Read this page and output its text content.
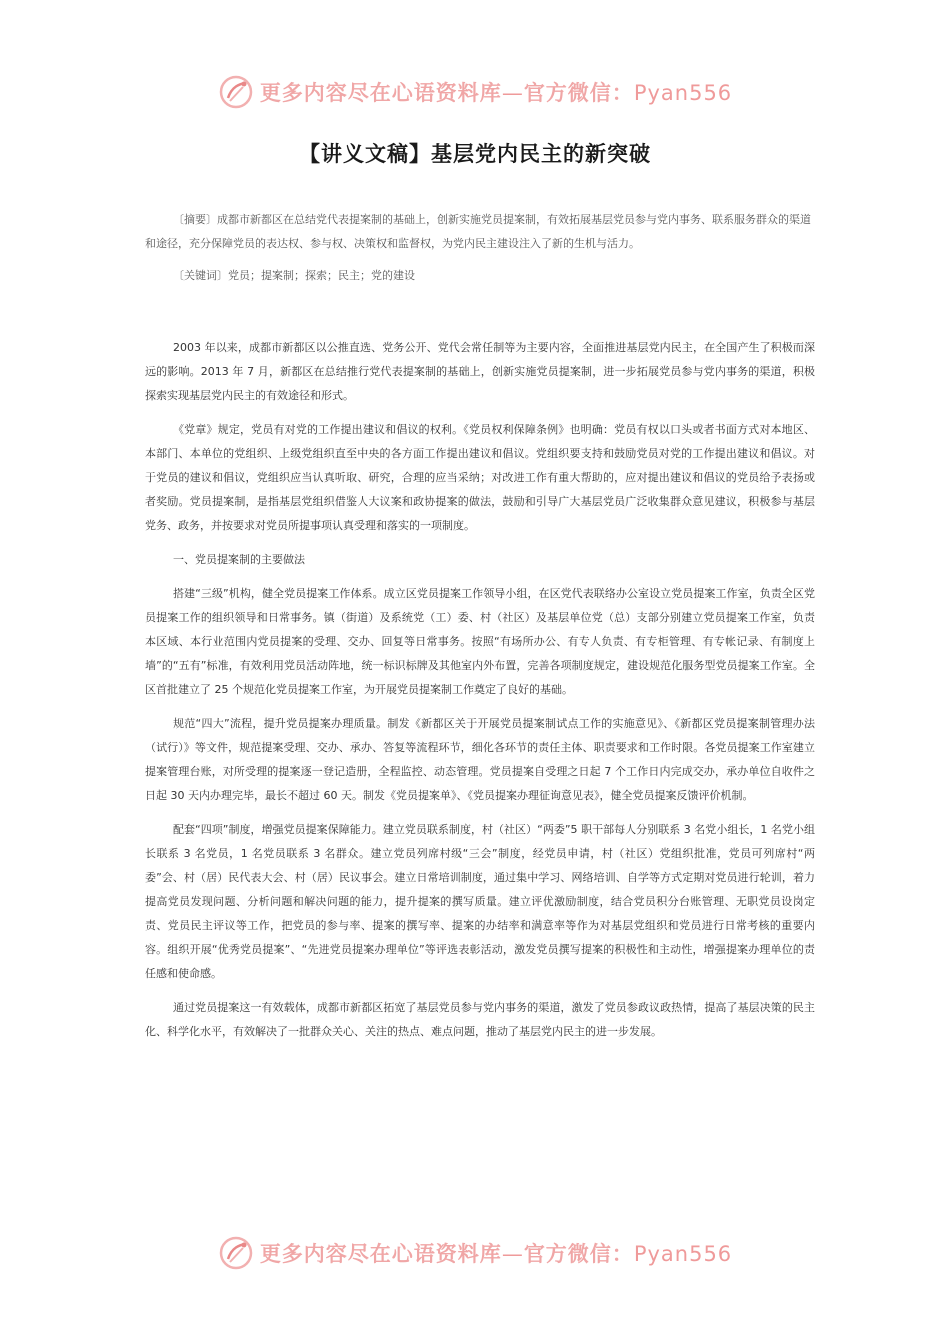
更多内容尽在心语资料库—官方微信：Pyan556
【讲义文稿】基层党内民主的新突破

〔摘要〕成都市新都区在总结党代表提案制的基础上，创新实施党员提案制，有效拓展基层党员参与党内事务、联系服务群众的渠道和途径，充分保障党员的表达权、参与权、决策权和监督权，为党内民主建设注入了新的生机与活力。

〔关键词〕党员；提案制；探索；民主；党的建设

2003 年以来，成都市新都区以公推直选、党务公开、党代会常任制等为主要内容，全面推进基层党内民主，在全国产生了积极而深远的影响。2013 年 7 月，新都区在总结推行党代表提案制的基础上，创新实施党员提案制，进一步拓展党员参与党内事务的渠道，积极探索实现基层党内民主的有效途径和形式。

《党章》规定，党员有对党的工作提出建议和倡议的权利。《党员权利保障条例》也明确：党员有权以口头或者书面方式对本地区、本部门、本单位的党组织、上级党组织直至中央的各方面工作提出建议和倡议。党组织要支持和鼓励党员对党的工作提出建议和倡议。对于党员的建议和倡议，党组织应当认真听取、研究，合理的应当采纳；对改进工作有重大帮助的，应对提出建议和倡议的党员给予表扬或者奖励。党员提案制，是指基层党组织借鉴人大议案和政协提案的做法，鼓励和引导广大基层党员广泛收集群众意见建议，积极参与基层党务、政务，并按要求对党员所提事项认真受理和落实的一项制度。

一、党员提案制的主要做法

搭建“三级”机构，健全党员提案工作体系。成立区党员提案工作领导小组，在区党代表联络办公室设立党员提案工作室，负责全区党员提案工作的组织领导和日常事务。镇（街道）及系统党（工）委、村（社区）及基层单位党（总）支部分别建立党员提案工作室，负责本区域、本行业范围内党员提案的受理、交办、回复等日常事务。按照“有场所办公、有专人负责、有专柜管理、有专帐记录、有制度上墙”的“五有”标准，有效利用党员活动阵地，统一标识标牌及其他室内外布置，完善各项制度规定，建设规范化服务型党员提案工作室。全区首批建立了 25 个规范化党员提案工作室，为开展党员提案制工作奠定了良好的基础。

规范“四大”流程，提升党员提案办理质量。制发《新都区关于开展党员提案制试点工作的实施意见》、《新都区党员提案制管理办法（试行）》等文件，规范提案受理、交办、承办、答复等流程环节，细化各环节的责任主体、职责要求和工作时限。各党员提案工作室建立提案管理台账，对所受理的提案逐一登记造册，全程监控、动态管理。党员提案自受理之日起 7 个工作日内完成交办，承办单位自收件之日起 30 天内办理完毕，最长不超过 60 天。制发《党员提案单》、《党员提案办理征询意见表》，健全党员提案反馈评价机制。

配套“四项”制度，增强党员提案保障能力。建立党员联系制度，村（社区）“两委”5 职干部每人分别联系 3 名党小组长，1 名党小组长联系 3 名党员，1 名党员联系 3 名群众。建立党员列席村级“三会”制度，经党员申请，村（社区）党组织批准，党员可列席村“两委”会、村（居）民代表大会、村（居）民议事会。建立日常培训制度，通过集中学习、网络培训、自学等方式定期对党员进行轮训，着力提高党员发现问题、分析问题和解决问题的能力，提升提案的撰写质量。建立评优激励制度，结合党员积分台账管理、无职党员设岗定责、党员民主评议等工作，把党员的参与率、提案的撰写率、提案的办结率和满意率等作为对基层党组织和党员进行日常考核的重要内容。组织开展“优秀党员提案”、“先进党员提案办理单位”等评选表彰活动，激发党员撰写提案的积极性和主动性，增强提案办理单位的责任感和使命感。

通过党员提案这一有效载体，成都市新都区拓宽了基层党员参与党内事务的渠道，激发了党员参政议政热情，提高了基层决策的民主化、科学化水平，有效解决了一批群众关心、关注的热点、难点问题，推动了基层党内民主的进一步发展。

更多内容尽在心语资料库—官方微信：Pyan556
